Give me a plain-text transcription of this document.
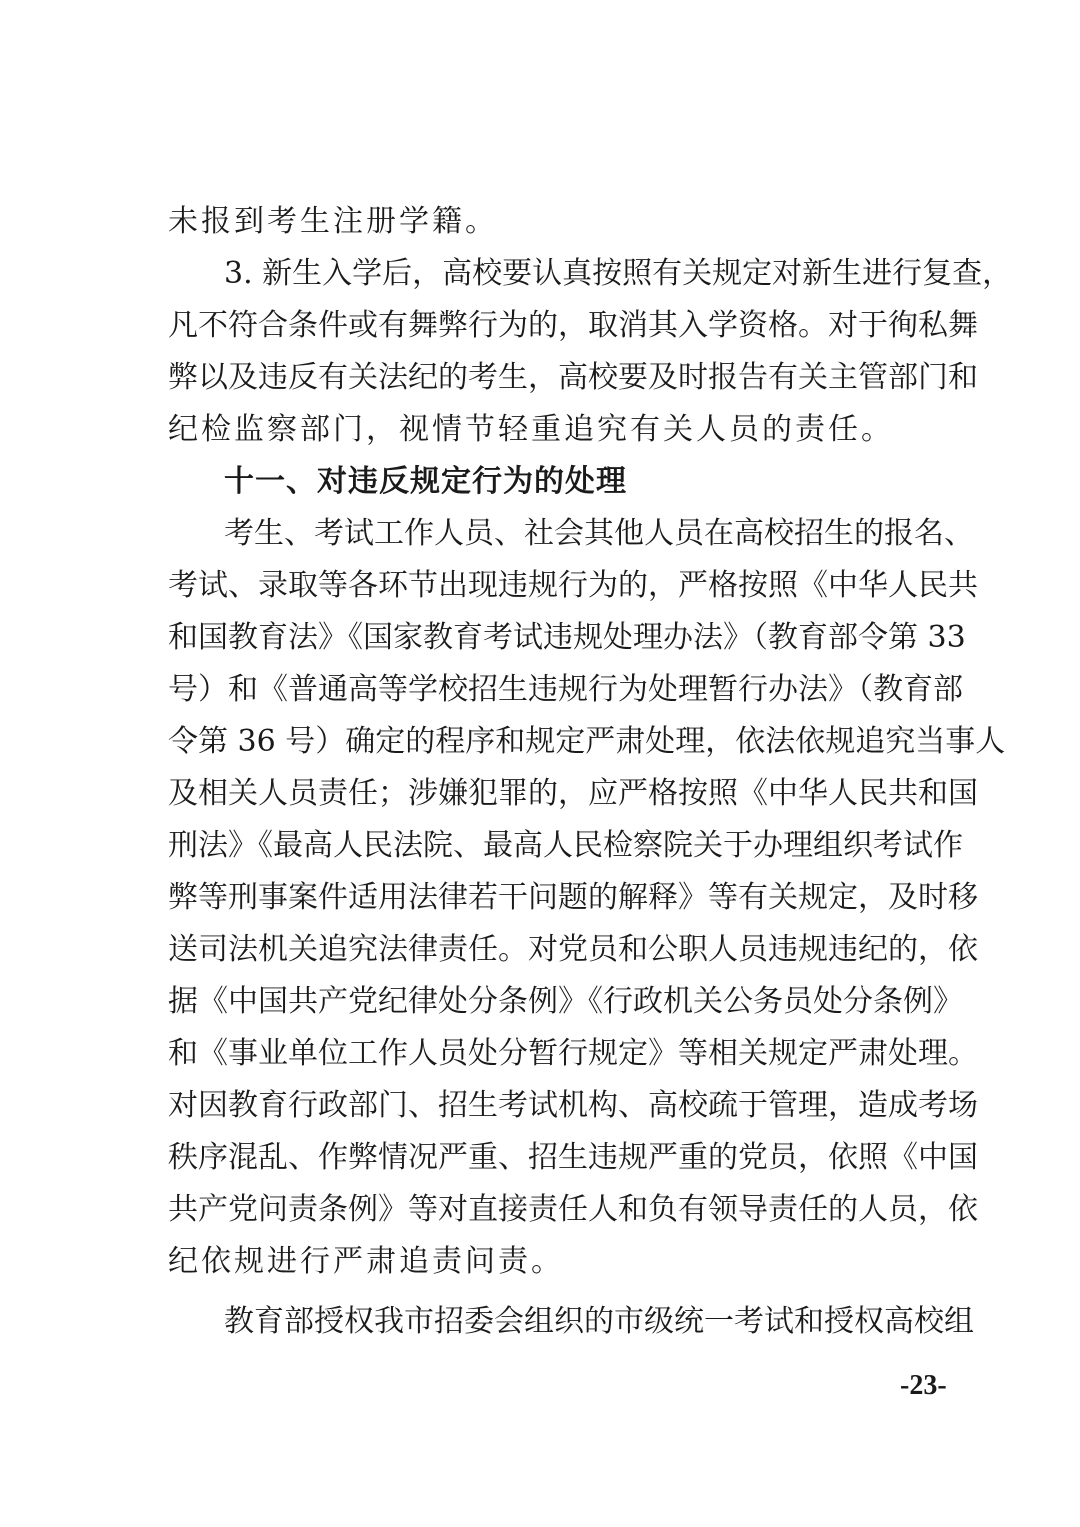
未报到考生注册学籍。
3. 新生入学后，高校要认真按照有关规定对新生进行复查，
凡不符合条件或有舞弊行为的，取消其入学资格。对于徇私舞
弊以及违反有关法纪的考生，高校要及时报告有关主管部门和
纪检监察部门，视情节轻重追究有关人员的责任。
十一、对违反规定行为的处理
考生、考试工作人员、社会其他人员在高校招生的报名、
考试、录取等各环节出现违规行为的，严格按照《中华人民共
和国教育法》《国家教育考试违规处理办法》（教育部令第 33
号）和《普通高等学校招生违规行为处理暂行办法》（教育部
令第 36 号）确定的程序和规定严肃处理，依法依规追究当事人
及相关人员责任；涉嫌犯罪的，应严格按照《中华人民共和国
刑法》《最高人民法院、最高人民检察院关于办理组织考试作
弊等刑事案件适用法律若干问题的解释》等有关规定，及时移
送司法机关追究法律责任。对党员和公职人员违规违纪的，依
据《中国共产党纪律处分条例》《行政机关公务员处分条例》
和《事业单位工作人员处分暂行规定》等相关规定严肃处理。
对因教育行政部门、招生考试机构、高校疏于管理，造成考场
秩序混乱、作弊情况严重、招生违规严重的党员，依照《中国
共产党问责条例》等对直接责任人和负有领导责任的人员，依
纪依规进行严肃追责问责。
教育部授权我市招委会组织的市级统一考试和授权高校组
-23-
